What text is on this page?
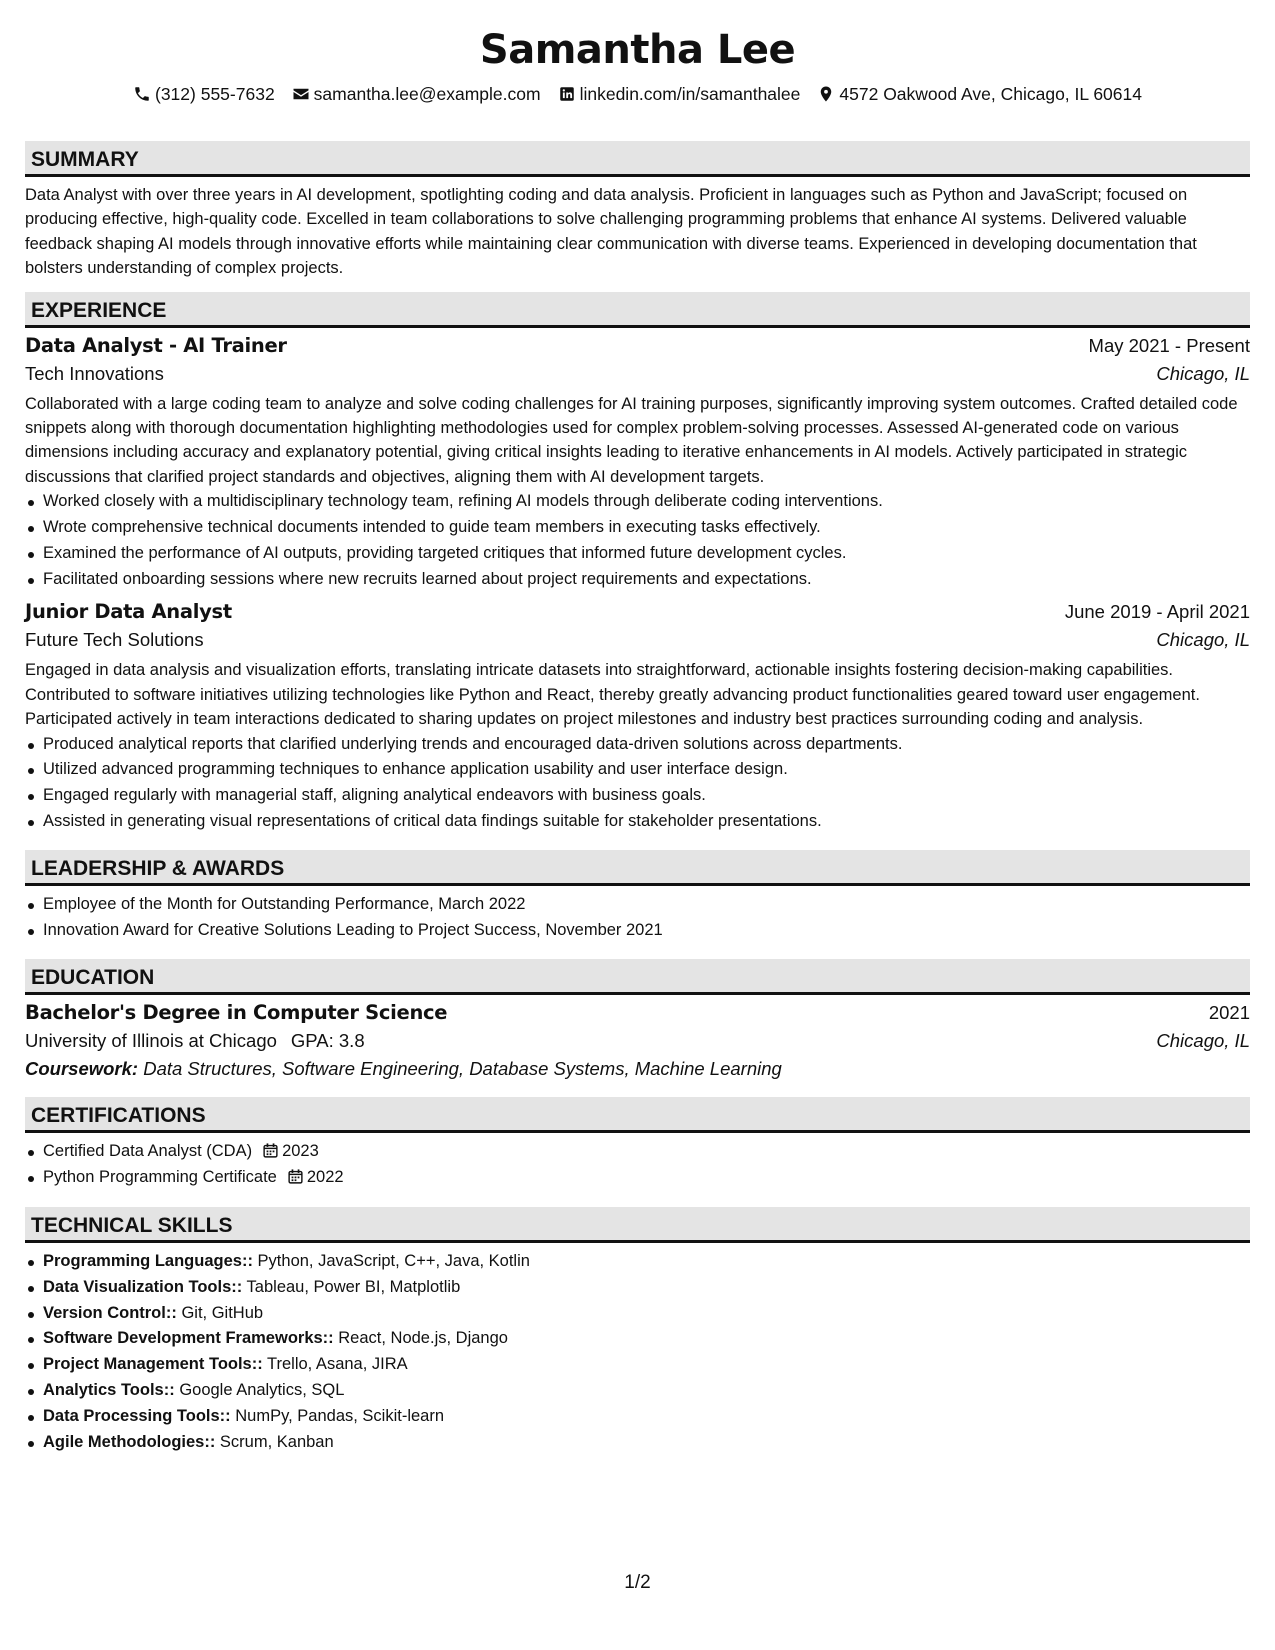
Samantha Lee
(312) 555-7632 samantha.lee@example.com linkedin.com/in/samanthalee 4572 Oakwood Ave, Chicago, IL 60614
SUMMARY

Data Analyst with over three years in AI development, spotlighting coding and data analysis. Proficient in languages such as Python and JavaScript; focused on producing effective, high-quality code. Excelled in team collaborations to solve challenging programming problems that enhance AI systems. Delivered valuable feedback shaping AI models through innovative efforts while maintaining clear communication with diverse teams. Experienced in developing documentation that bolsters understanding of complex projects.

EXPERIENCE
Data Analyst - AI Trainer	May 2021 - Present
Tech Innovations	Chicago, IL

Collaborated with a large coding team to analyze and solve coding challenges for AI training purposes, significantly improving system outcomes. Crafted detailed code snippets along with thorough documentation highlighting methodologies used for complex problem-solving processes. Assessed AI-generated code on various dimensions including accuracy and explanatory potential, giving critical insights leading to iterative enhancements in AI models. Actively participated in strategic discussions that clarified project standards and objectives, aligning them with AI development targets.

Worked closely with a multidisciplinary technology team, refining AI models through deliberate coding interventions.
Wrote comprehensive technical documents intended to guide team members in executing tasks effectively.
Examined the performance of AI outputs, providing targeted critiques that informed future development cycles.
Facilitated onboarding sessions where new recruits learned about project requirements and expectations.
Junior Data Analyst	June 2019 - April 2021
Future Tech Solutions	Chicago, IL

Engaged in data analysis and visualization efforts, translating intricate datasets into straightforward, actionable insights fostering decision-making capabilities. Contributed to software initiatives utilizing technologies like Python and React, thereby greatly advancing product functionalities geared toward user engagement. Participated actively in team interactions dedicated to sharing updates on project milestones and industry best practices surrounding coding and analysis.

Produced analytical reports that clarified underlying trends and encouraged data-driven solutions across departments.
Utilized advanced programming techniques to enhance application usability and user interface design.
Engaged regularly with managerial staff, aligning analytical endeavors with business goals.
Assisted in generating visual representations of critical data findings suitable for stakeholder presentations.
LEADERSHIP & AWARDS
Employee of the Month for Outstanding Performance, March 2022
Innovation Award for Creative Solutions Leading to Project Success, November 2021
EDUCATION
Bachelor's Degree in Computer Science	2021
University of Illinois at Chicago GPA: 3.8	Chicago, IL
Coursework: Data Structures, Software Engineering, Database Systems, Machine Learning
CERTIFICATIONS
Certified Data Analyst (CDA) 2023
Python Programming Certificate 2022
TECHNICAL SKILLS
Programming Languages:: Python, JavaScript, C++, Java, Kotlin
Data Visualization Tools:: Tableau, Power BI, Matplotlib
Version Control:: Git, GitHub
Software Development Frameworks:: React, Node.js, Django
Project Management Tools:: Trello, Asana, JIRA
Analytics Tools:: Google Analytics, SQL
Data Processing Tools:: NumPy, Pandas, Scikit-learn
Agile Methodologies:: Scrum, Kanban
1/2
